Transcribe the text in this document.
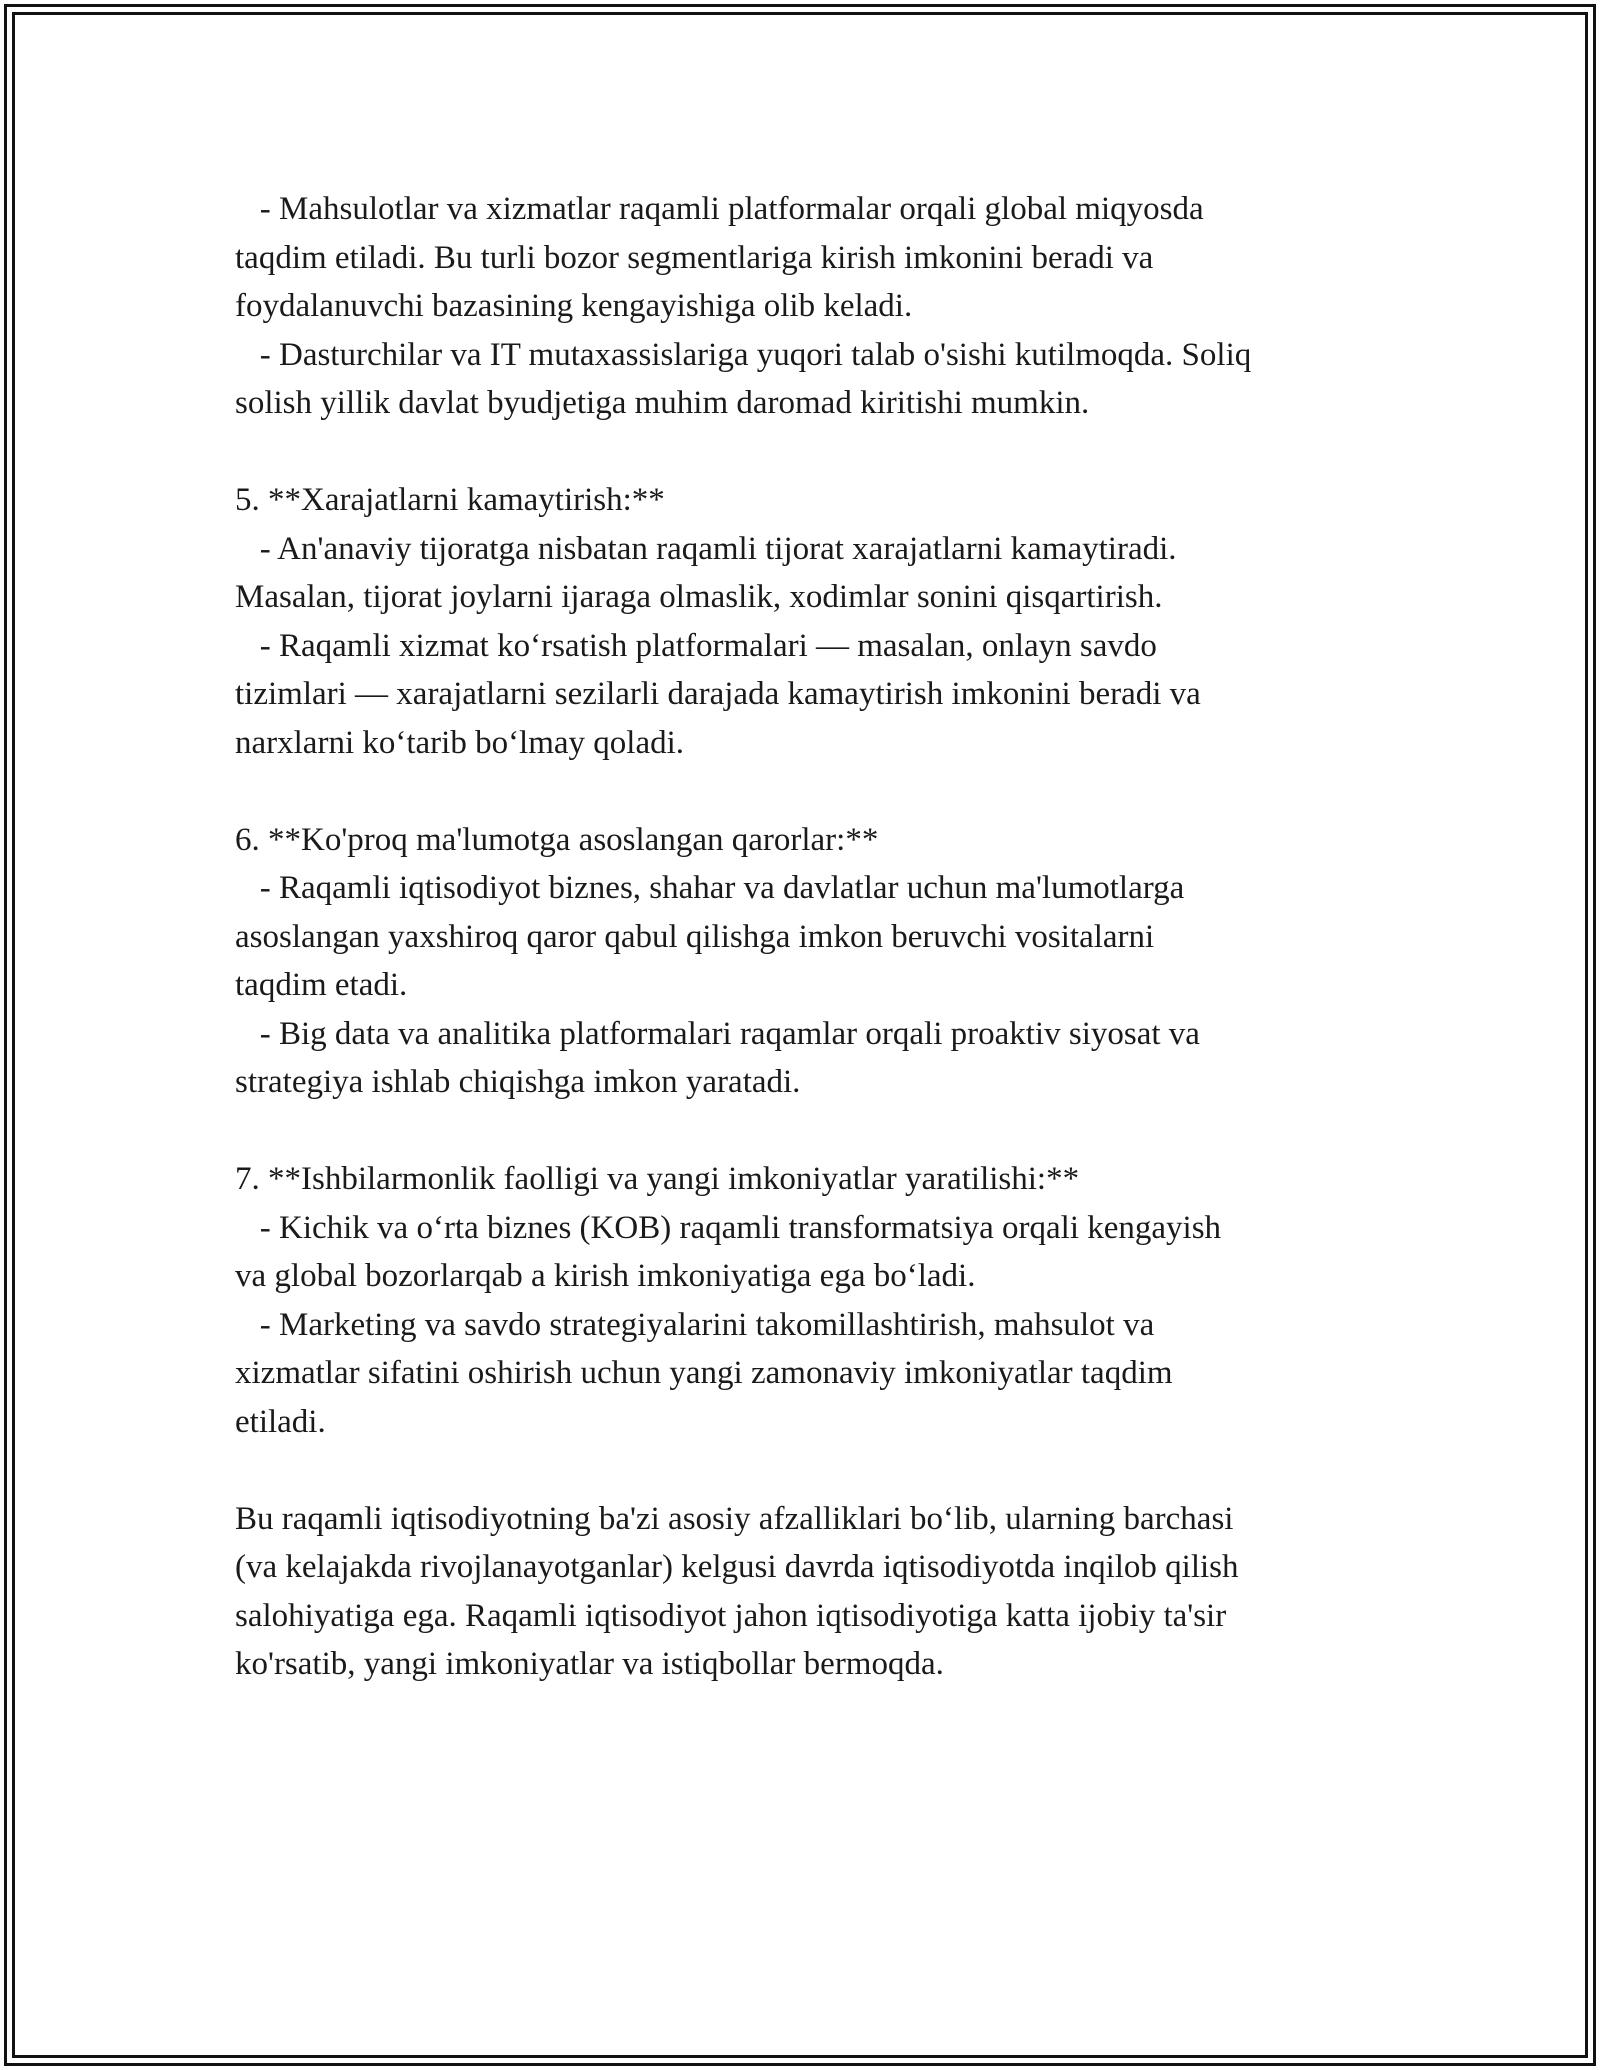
- Mahsulotlar va xizmatlar raqamli platformalar orqali global miqyosda
taqdim etiladi. Bu turli bozor segmentlariga kirish imkonini beradi va
foydalanuvchi bazasining kengayishiga olib keladi.
- Dasturchilar va IT mutaxassislariga yuqori talab o'sishi kutilmoqda. Soliq
solish yillik davlat byudjetiga muhim daromad kiritishi mumkin.
5. **Xarajatlarni kamaytirish:**
- An'anaviy tijoratga nisbatan raqamli tijorat xarajatlarni kamaytiradi.
Masalan, tijorat joylarni ijaraga olmaslik, xodimlar sonini qisqartirish.
- Raqamli xizmat ko‘rsatish platformalari — masalan, onlayn savdo
tizimlari — xarajatlarni sezilarli darajada kamaytirish imkonini beradi va
narxlarni ko‘tarib bo‘lmay qoladi.
6. **Ko'proq ma'lumotga asoslangan qarorlar:**
- Raqamli iqtisodiyot biznes, shahar va davlatlar uchun ma'lumotlarga
asoslangan yaxshiroq qaror qabul qilishga imkon beruvchi vositalarni
taqdim etadi.
- Big data va analitika platformalari raqamlar orqali proaktiv siyosat va
strategiya ishlab chiqishga imkon yaratadi.
7. **Ishbilarmonlik faolligi va yangi imkoniyatlar yaratilishi:**
- Kichik va o‘rta biznes (KOB) raqamli transformatsiya orqali kengayish
va global bozorlarqab a kirish imkoniyatiga ega bo‘ladi.
- Marketing va savdo strategiyalarini takomillashtirish, mahsulot va
xizmatlar sifatini oshirish uchun yangi zamonaviy imkoniyatlar taqdim
etiladi.
Bu raqamli iqtisodiyotning ba'zi asosiy afzalliklari bo‘lib, ularning barchasi
(va kelajakda rivojlanayotganlar) kelgusi davrda iqtisodiyotda inqilob qilish
salohiyatiga ega. Raqamli iqtisodiyot jahon iqtisodiyotiga katta ijobiy ta'sir
ko'rsatib, yangi imkoniyatlar va istiqbollar bermoqda.
